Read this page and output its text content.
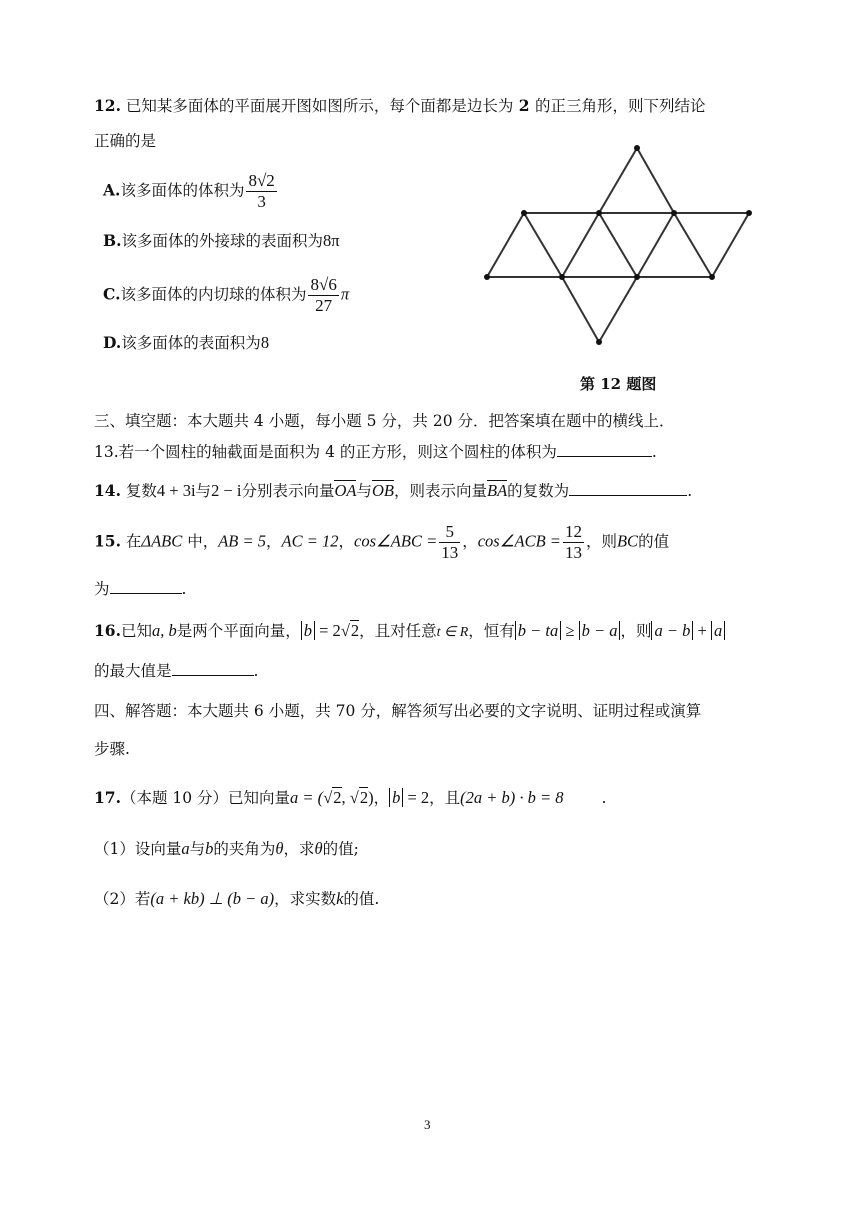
12. 已知某多面体的平面展开图如图所示，每个面都是边长为 2 的正三角形，则下列结论
正确的是
A.该多面体的体积为 $\frac{8√2}{3}$
B.该多面体的外接球的表面积为8π
C.该多面体的内切球的体积为 $\frac{8√6}{27}$ π
D.该多面体的表面积为8
第 12 题图
三、填空题：本大题共 4 小题，每小题 5 分，共 20 分．把答案填在题中的横线上．
13.若一个圆柱的轴截面是面积为 4 的正方形，则这个圆柱的体积为	.
14. 复数4 + 3i与2 − i分别表示向量OA与OB，则表示向量BA的复数为	.
15. 在ΔABC 中，AB = 5，AC = 12，cos∠ABC = $\frac{5}{13}$ ，cos∠ACB = $\frac{12}{13}$ ，则BC的值
为	.
16.已知a, b是两个平面向量， b = 2√2，且对任意t ∈ R，恒有 b − ta ≥ b − a ，则 a − b + a
的最大值是	.
四、解答题：本大题共 6 小题，共 70 分，解答须写出必要的文字说明、证明过程或演算
步骤.
17.（本题 10 分）已知向量a = (√2, √2)， b = 2，且(2a + b) · b = 8 .
（1）设向量a与b的夹角为θ，求θ的值;
（2）若(a + kb) ⊥ (b − a)，求实数k的值.
3
